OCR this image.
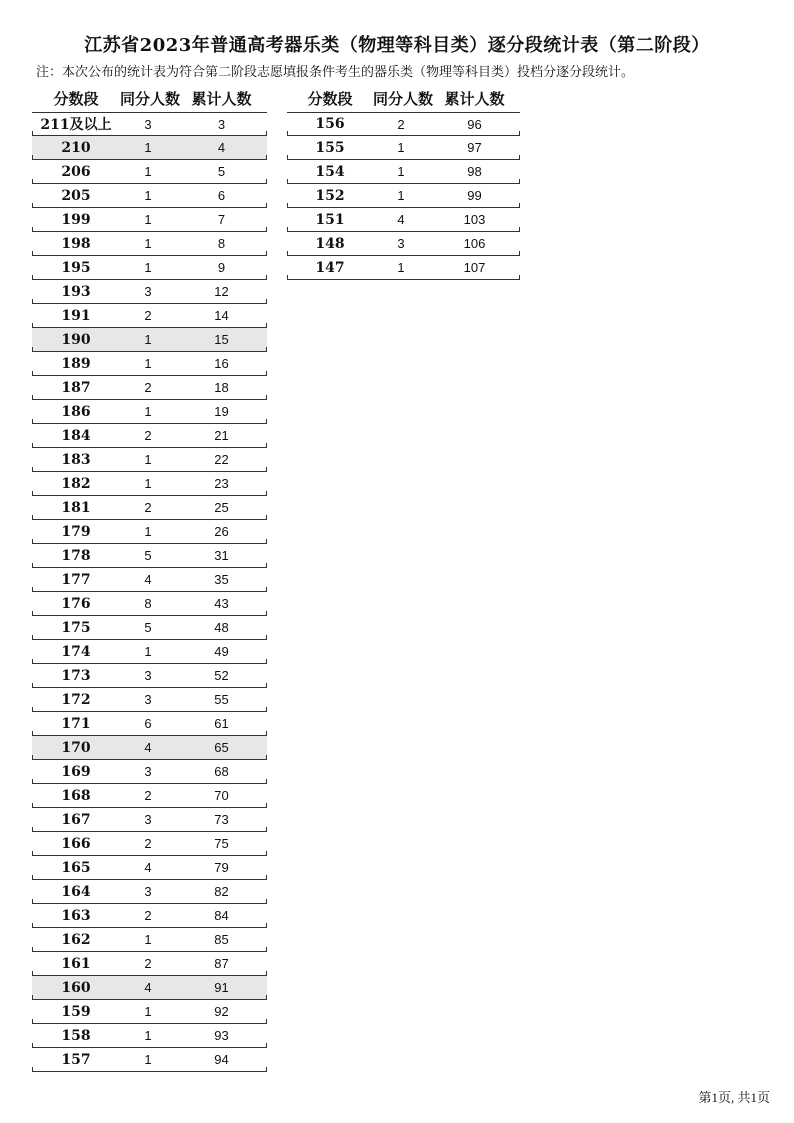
江苏省2023年普通高考器乐类（物理等科目类）逐分段统计表（第二阶段）
注：本次公布的统计表为符合第二阶段志愿填报条件考生的器乐类（物理等科目类）投档分逐分段统计。
分数段	同分人数 累计人数
211及以上	3	3
210	1	4
206	1	5
205	1	6
199	1	7
198	1	8
195	1	9
193	3	12
191	2	14
190	1	15
189	1	16
187	2	18
186	1	19
184	2	21
183	1	22
182	1	23
181	2	25
179	1	26
178	5	31
177	4	35
176	8	43
175	5	48
174	1	49
173	3	52
172	3	55
171	6	61
170	4	65
169	3	68
168	2	70
167	3	73
166	2	75
165	4	79
164	3	82
163	2	84
162	1	85
161	2	87
160	4	91
159	1	92
158	1	93
157	1	94
分数段	同分人数 累计人数
156	2	96
155	1	97
154	1	98
152	1	99
151	4	103
148	3	106
147	1	107
第1页, 共1页
